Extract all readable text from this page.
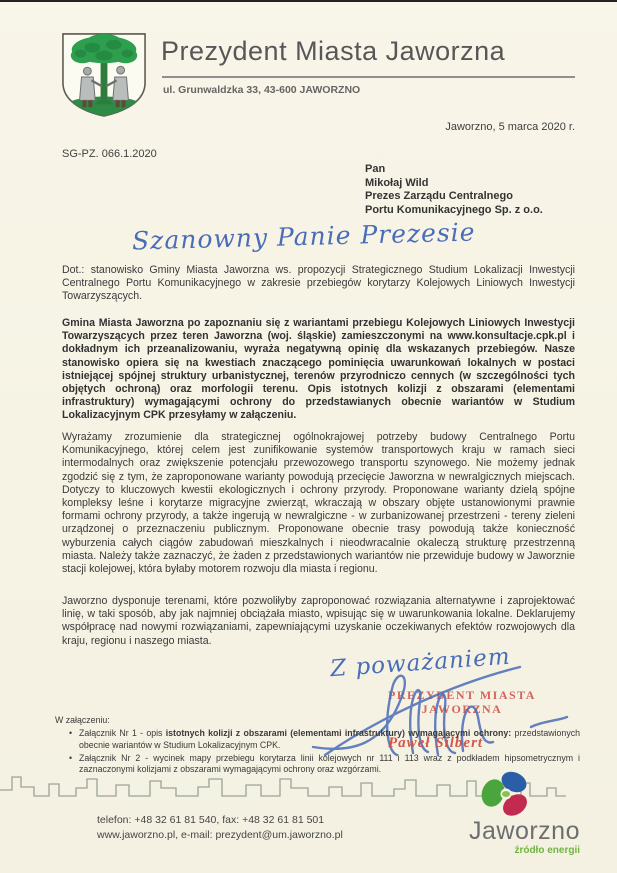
Prezydent Miasta Jaworzna
ul. Grunwaldzka 33, 43-600 JAWORZNO
Jaworzno, 5 marca 2020 r.
SG-PZ. 066.1.2020
Pan
Mikołaj Wild
Prezes Zarządu Centralnego
Portu Komunikacyjnego Sp. z o.o.
Szanowny Panie Prezesie
Dot.: stanowisko Gminy Miasta Jaworzna ws. propozycji Strategicznego Studium Lokalizacji Inwestycji Centralnego Portu Komunikacyjnego w zakresie przebiegów korytarzy Kolejowych Liniowych Inwestycji Towarzyszących.
Gmina Miasta Jaworzna po zapoznaniu się z wariantami przebiegu Kolejowych Liniowych Inwestycji Towarzyszących przez teren Jaworzna (woj. śląskie) zamieszczonymi na www.konsultacje.cpk.pl i dokładnym ich przeanalizowaniu, wyraża negatywną opinię dla wskazanych przebiegów. Nasze stanowisko opiera się na kwestiach znaczącego pominięcia uwarunkowań lokalnych w postaci istniejącej spójnej struktury urbanistycznej, terenów przyrodniczo cennych (w szczególności tych objętych ochroną) oraz morfologii terenu. Opis istotnych kolizji z obszarami (elementami infrastruktury) wymagającymi ochrony do przedstawianych obecnie wariantów w Studium Lokalizacyjnym CPK przesyłamy w załączeniu.
Wyrażamy zrozumienie dla strategicznej ogólnokrajowej potrzeby budowy Centralnego Portu Komunikacyjnego, której celem jest zunifikowanie systemów transportowych kraju w ramach sieci intermodalnych oraz zwiększenie potencjału przewozowego transportu szynowego. Nie możemy jednak zgodzić się z tym, że zaproponowane warianty powodują przecięcie Jaworzna w newralgicznych miejscach. Dotyczy to kluczowych kwestii ekologicznych i ochrony przyrody. Proponowane warianty dzielą spójne kompleksy leśne i korytarze migracyjne zwierząt, wkraczają w obszary objęte ustanowionymi prawnie formami ochrony przyrody, a także ingerują w newralgiczne - w zurbanizowanej przestrzeni - tereny zieleni urządzonej o przeznaczeniu publicznym. Proponowane obecnie trasy powodują także konieczność wyburzenia całych ciągów zabudowań mieszkalnych i nieodwracalnie okaleczą strukturę przestrzenną miasta. Należy także zaznaczyć, że żaden z przedstawionych wariantów nie przewiduje budowy w Jaworznie stacji kolejowej, która byłaby motorem rozwoju dla miasta i regionu.
Jaworzno dysponuje terenami, które pozwoliłyby zaproponować rozwiązania alternatywne i zaprojektować linię, w taki sposób, aby jak najmniej obciążała miasto, wpisując się w uwarunkowania lokalne. Deklarujemy współpracę nad nowymi rozwiązaniami, zapewniającymi uzyskanie oczekiwanych efektów rozwojowych dla kraju, regionu i naszego miasta.
Z poważaniem
PREZYDENT MIASTA
JAWORZNA
Paweł Silbert
W załączeniu:
• Załącznik Nr 1 - opis istotnych kolizji z obszarami (elementami infrastruktury) wymagającymi ochrony: przedstawionych obecnie wariantów w Studium Lokalizacyjnym CPK.
• Załącznik Nr 2 - wycinek mapy przebiegu korytarza linii kolejowych nr 111 i 113 wraz z podkładem hipsometrycznym i zaznaczonymi kolizjami z obszarami wymagającymi ochrony oraz wzgórzami.
telefon: +48 32 61 81 540, fax: +48 32 61 81 501
www.jaworzno.pl, e-mail: prezydent@um.jaworzno.pl	Jaworzno
źródło energii
